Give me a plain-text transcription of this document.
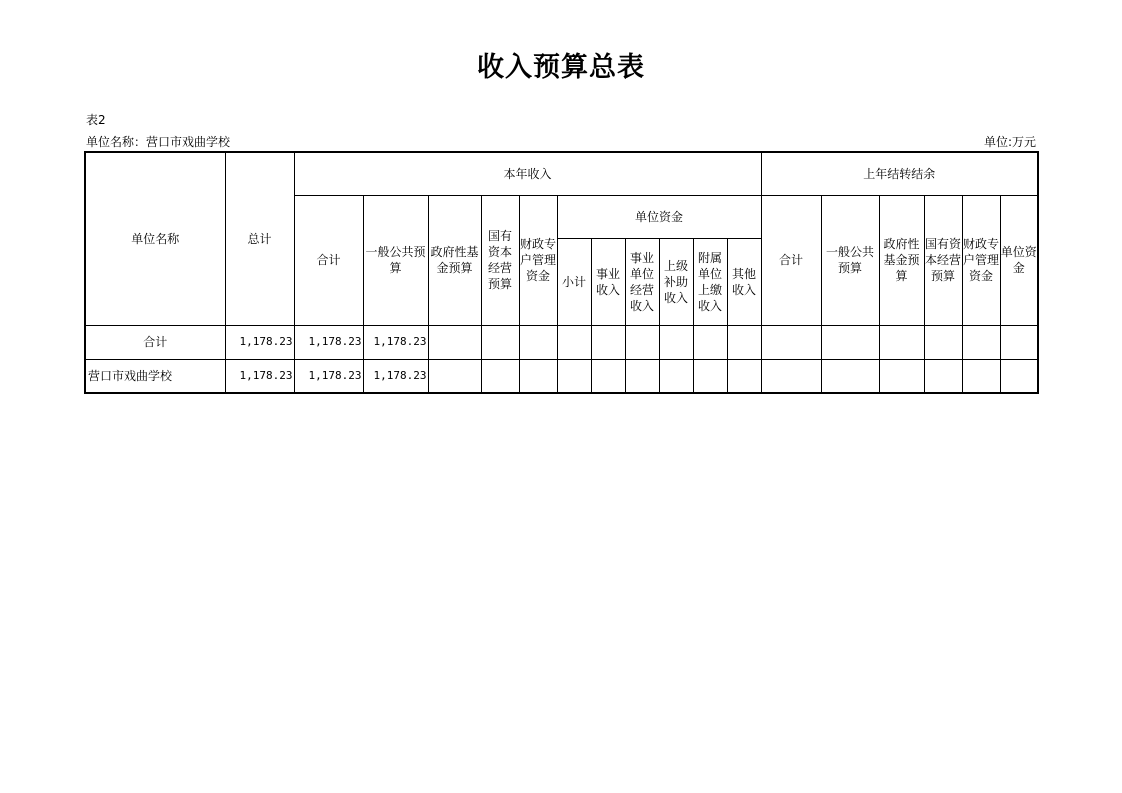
收入预算总表
表2
单位名称：营口市戏曲学校	单位:万元
单位名称	总计	本年收入											上年结转结余					
		合计	一般公共预算	政府性基金预算	国有资本经营预算	财政专户管理资金	单位资金						合计	一般公共预算	政府性基金预算	国有资本经营预算	财政专户管理资金	单位资金

							小计	事业收入	事业单位经营收入	上级补助收入	附属单位上缴收入	其他收入						

合计	1,178.23	1,178.23	1,178.23															
营口市戏曲学校	1,178.23	1,178.23	1,178.23															
